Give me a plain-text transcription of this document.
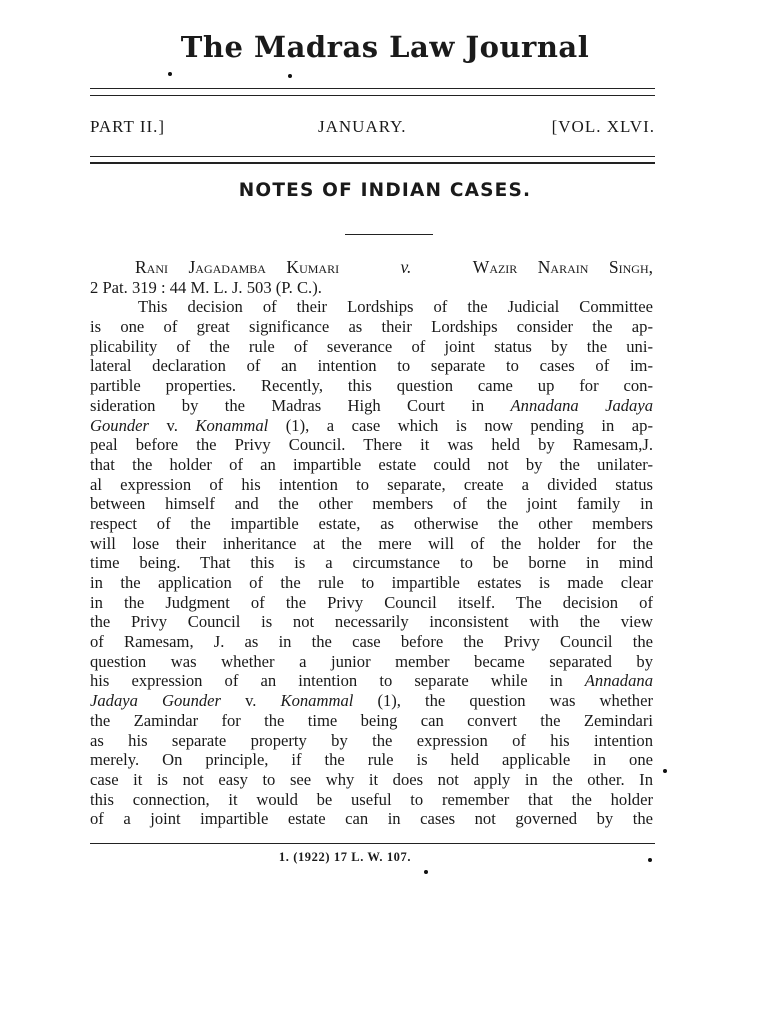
The Madras Law Journal
PART II.]	JANUARY.	[VOL. XLVI.
NOTES OF INDIAN CASES.
Rani Jagadamba Kumari	v.	Wazir Narain Singh,
2 Pat. 319 : 44 M. L. J. 503 (P. C.).
This decision of their Lordships of the Judicial Committee
is one of great significance as their Lordships consider the ap-
plicability of the rule of severance of joint status by the uni-
lateral declaration of an intention to separate to cases of im-
partible properties. Recently, this question came up for con-
sideration by the Madras High Court in Annadana Jadaya
Gounder v. Konammal (1), a case which is now pending in ap-
peal before the Privy Council. There it was held by Ramesam,J.
that the holder of an impartible estate could not by the unilater-
al expression of his intention to separate, create a divided status
between himself and the other members of the joint family in
respect of the impartible estate, as otherwise the other members
will lose their inheritance at the mere will of the holder for the
time being. That this is a circumstance to be borne in mind
in the application of the rule to impartible estates is made clear
in the Judgment of the Privy Council itself. The decision of
the Privy Council is not necessarily inconsistent with the view
of Ramesam, J. as in the case before the Privy Council the
question was whether a junior member became separated by
his expression of an intention to separate while in Annadana
Jadaya Gounder v. Konammal (1), the question was whether
the Zamindar for the time being can convert the Zemindari
as his separate property by the expression of his intention
merely. On principle, if the rule is held applicable in one
case it is not easy to see why it does not apply in the other. In
this connection, it would be useful to remember that the holder
of a joint impartible estate can in cases not governed by the

1. (1922) 17 L. W. 107.
